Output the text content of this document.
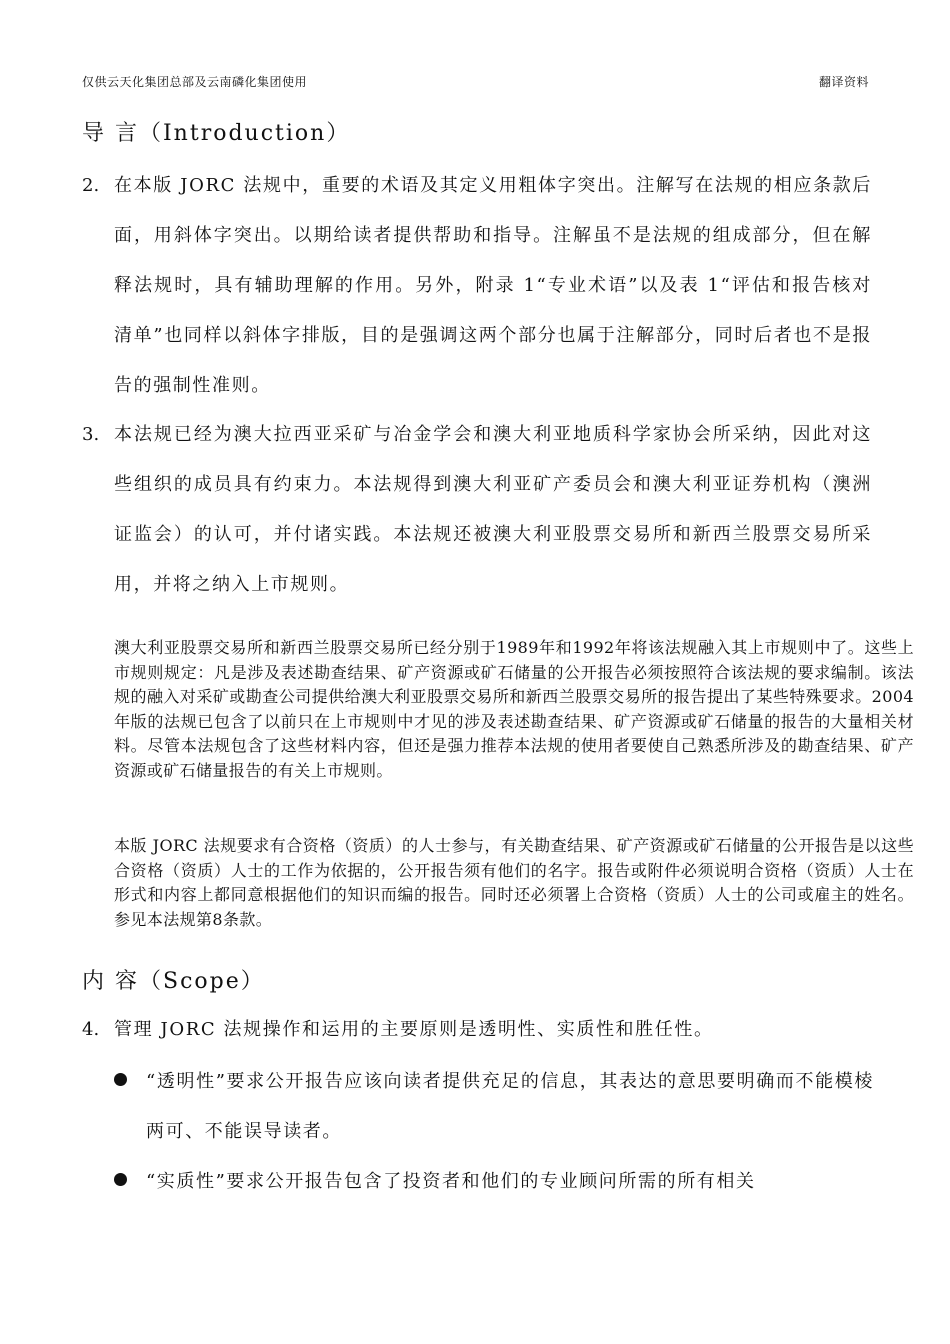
仅供云天化集团总部及云南磷化集团使用	翻译资料
导 言（Introduction）
2. 在本版 JORC 法规中，重要的术语及其定义用粗体字突出。注解写在法规的相应条款后面，用斜体字突出。以期给读者提供帮助和指导。注解虽不是法规的组成部分，但在解释法规时，具有辅助理解的作用。另外，附录 1“专业术语”以及表 1“评估和报告核对清单”也同样以斜体字排版，目的是强调这两个部分也属于注解部分，同时后者也不是报告的强制性准则。
3. 本法规已经为澳大拉西亚采矿与冶金学会和澳大利亚地质科学家协会所采纳，因此对这些组织的成员具有约束力。本法规得到澳大利亚矿产委员会和澳大利亚证券机构（澳洲证监会）的认可，并付诸实践。本法规还被澳大利亚股票交易所和新西兰股票交易所采用，并将之纳入上市规则。
澳大利亚股票交易所和新西兰股票交易所已经分别于1989年和1992年将该法规融入其上市规则中了。这些上市规则规定：凡是涉及表述勘查结果、矿产资源或矿石储量的公开报告必须按照符合该法规的要求编制。该法规的融入对采矿或勘查公司提供给澳大利亚股票交易所和新西兰股票交易所的报告提出了某些特殊要求。2004年版的法规已包含了以前只在上市规则中才见的涉及表述勘查结果、矿产资源或矿石储量的报告的大量相关材料。尽管本法规包含了这些材料内容，但还是强力推荐本法规的使用者要使自己熟悉所涉及的勘查结果、矿产资源或矿石储量报告的有关上市规则。
本版 JORC 法规要求有合资格（资质）的人士参与，有关勘查结果、矿产资源或矿石储量的公开报告是以这些合资格（资质）人士的工作为依据的，公开报告须有他们的名字。报告或附件必须说明合资格（资质）人士在形式和内容上都同意根据他们的知识而编的报告。同时还必须署上合资格（资质）人士的公司或雇主的姓名。参见本法规第8条款。
内 容（Scope）
4. 管理 JORC 法规操作和运用的主要原则是透明性、实质性和胜任性。
“透明性”要求公开报告应该向读者提供充足的信息，其表达的意思要明确而不能模棱两可、不能误导读者。
“实质性”要求公开报告包含了投资者和他们的专业顾问所需的所有相关
